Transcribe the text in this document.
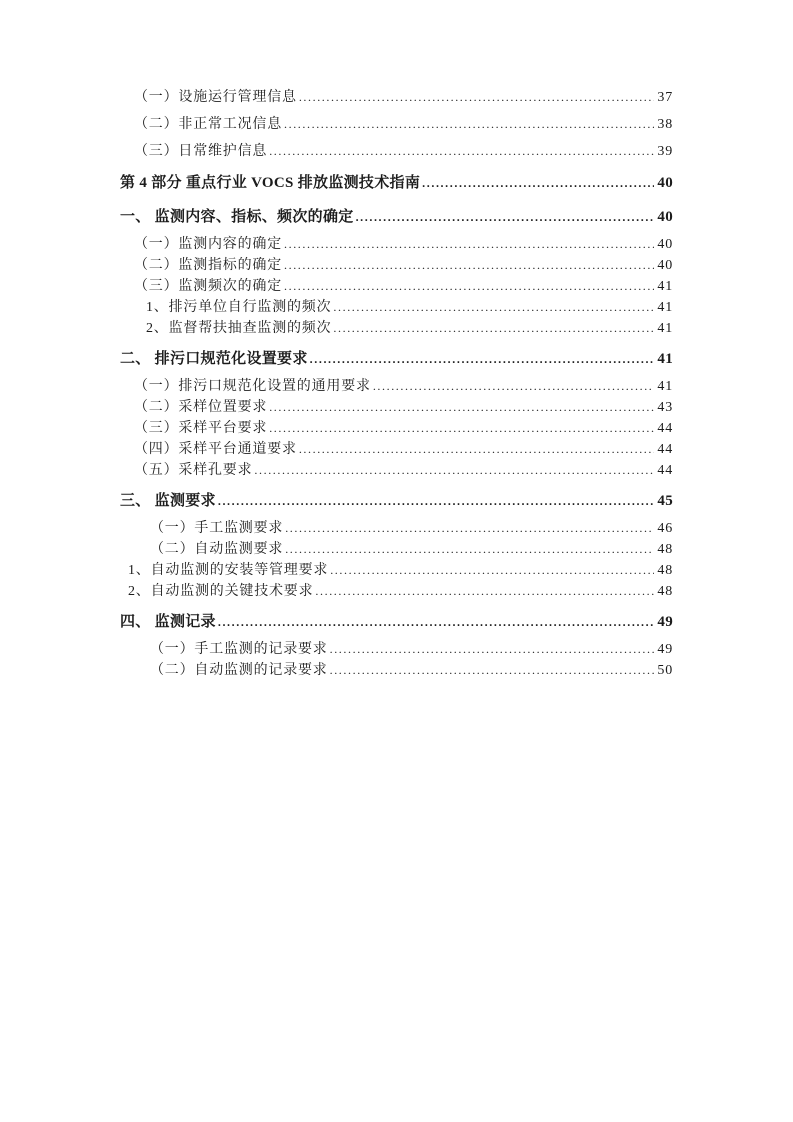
（一）设施运行管理信息 .....	37
（二）非正常工况信息 .....	38
（三）日常维护信息 .....	39
第 4 部分 重点行业 VOCS 排放监测技术指南 .....	40
一、 监测内容、指标、频次的确定 .....	40
（一）监测内容的确定 .....	40
（二）监测指标的确定 .....	40
（三）监测频次的确定 .....	41
1、排污单位自行监测的频次 .....	41
2、监督帮扶抽查监测的频次 .....	41
二、 排污口规范化设置要求 .....	41
（一）排污口规范化设置的通用要求 .....	41
（二）采样位置要求 .....	43
（三）采样平台要求 .....	44
（四）采样平台通道要求 .....	44
（五）采样孔要求 .....	44
三、 监测要求 .....	45
（一）手工监测要求 .....	46
（二）自动监测要求 .....	48
1、自动监测的安装等管理要求 .....	48
2、自动监测的关键技术要求 .....	48
四、 监测记录 .....	49
（一）手工监测的记录要求 .....	49
（二）自动监测的记录要求 .....	50
